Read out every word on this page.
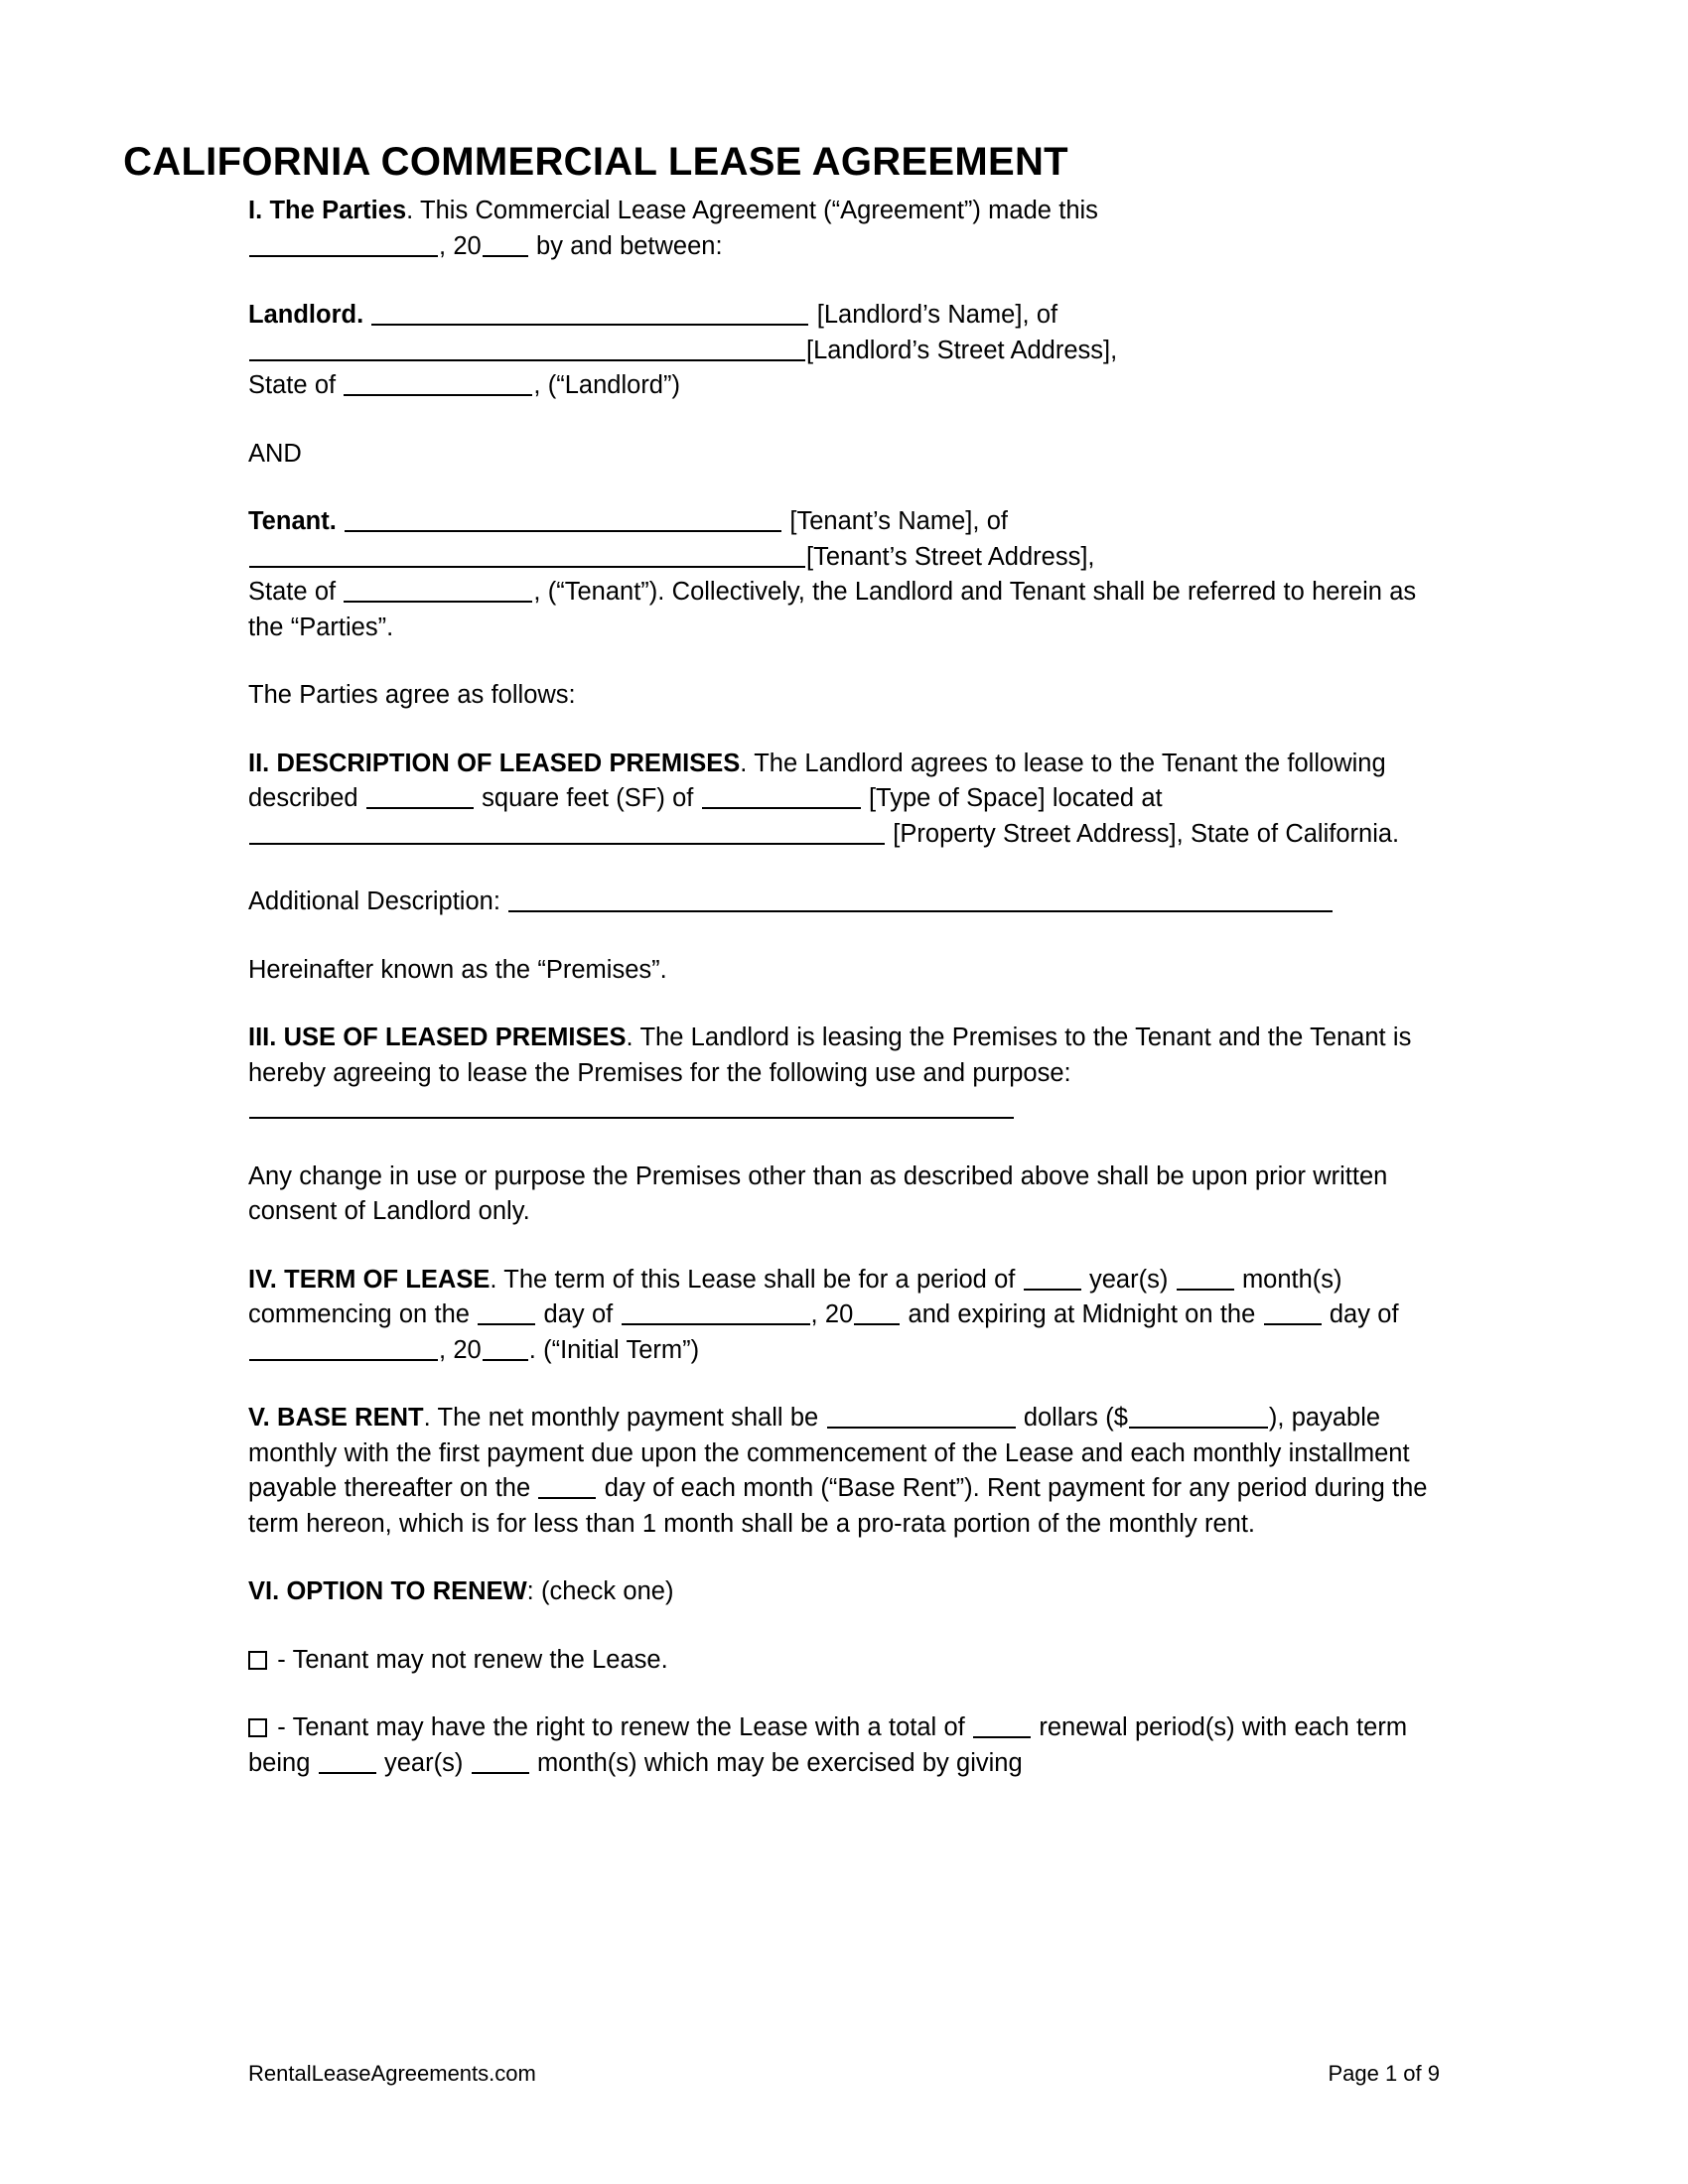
CALIFORNIA COMMERCIAL LEASE AGREEMENT

I. The Parties. This Commercial Lease Agreement (“Agreement”) made this
, 20 by and between:

Landlord.	[Landlord’s Name], of
[Landlord’s Street Address],
State of	, (“Landlord”)

AND

Tenant.	[Tenant’s Name], of
[Tenant’s Street Address],
State of	, (“Tenant”). Collectively, the Landlord and Tenant shall be referred to herein as the “Parties”.

The Parties agree as follows:

II. DESCRIPTION OF LEASED PREMISES. The Landlord agrees to lease to the Tenant the following described	square feet (SF) of	[Type of Space] located at  [Property Street Address], State of California.

Additional Description:

Hereinafter known as the “Premises”.

III. USE OF LEASED PREMISES. The Landlord is leasing the Premises to the Tenant and the Tenant is hereby agreeing to lease the Premises for the following use and purpose:

Any change in use or purpose the Premises other than as described above shall be upon prior written consent of Landlord only.

IV. TERM OF LEASE. The term of this Lease shall be for a period of	year(s)	month(s) commencing on the	day of	, 20 and expiring at Midnight on the	day of , 20 . (“Initial Term”)

V. BASE RENT. The net monthly payment shall be	dollars ($	), payable monthly with the first payment due upon the commencement of the Lease and each monthly installment payable thereafter on the	day of each month (“Base Rent”). Rent payment for any period during the term hereon, which is for less than 1 month shall be a pro-rata portion of the monthly rent.

VI. OPTION TO RENEW: (check one)

- Tenant may not renew the Lease.

- Tenant may have the right to renew the Lease with a total of	renewal period(s) with each term being	year(s)	month(s) which may be exercised by giving

RentalLeaseAgreements.com	Page 1 of 9
